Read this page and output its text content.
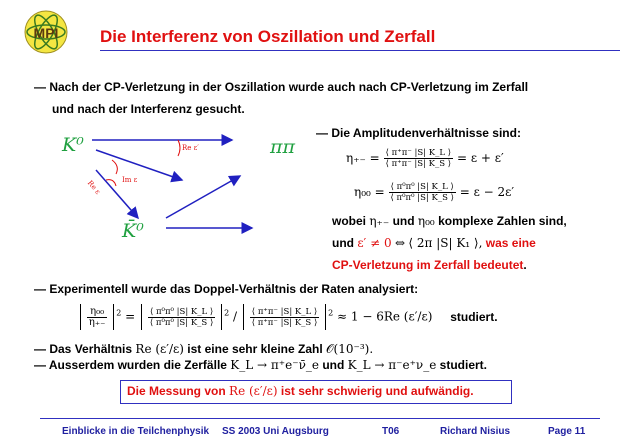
MPI Die Interferenz von Oszillation und Zerfall
— Nach der CP-Verletzung in der Oszillation wurde auch nach CP-Verletzung im Zerfall
und nach der Interferenz gesucht.
Re ε′
Im ε
Re ε
K⁰
K̄⁰
ππ
— Die Amplitudenverhältnisse sind:
$\eta_{+-} = \frac{⟨ \pi^+\pi^- |S| K\_L ⟩}{⟨ \pi^+\pi^- |S| K\_S ⟩} = \varepsilon + \varepsilon'$
$\eta_{00} = \frac{\text{⟨ π⁰π⁰ |S| K\_L ⟩}}{\text{⟨ π⁰π⁰ |S| K\_S ⟩}} = \varepsilon - 2\varepsilon'$
wobei η₊₋ und η₀₀ komplexe Zahlen sind,
und ε′ ≠ 0 ⇔ ⟨ 2π |S| K₁ ⟩, was eine
CP-Verletzung im Zerfall bedeutet.
— Experimentell wurde das Doppel-Verhältnis der Raten analysiert:

$\frac{\text{η₀₀}}{\eta_{+-}} ^2 = \frac{\text{⟨ π⁰π⁰ |S| K\_L ⟩}}{\text{⟨ π⁰π⁰ |S| K\_S ⟩}} ^2 / \frac{⟨ \pi^+\pi^- |S| K\_L ⟩}{⟨ \pi^+\pi^- |S| K\_S ⟩} ^2 \approx 1 - 6Re$ (ε′/ε) studiert.
— Das Verhältnis Re (ε′/ε) ist eine sehr kleine Zahl 𝒪(10⁻³).
— Ausserdem wurden die Zerfälle K_L → π⁺e⁻ν̄_e und K_L → π⁻e⁺ν_e studiert.
Die Messung von Re (ε′/ε) ist sehr schwierig und aufwändig.
Einblicke in die Teilchenphysik SS 2003 Uni Augsburg	T06	Richard Nisius	Page 11
